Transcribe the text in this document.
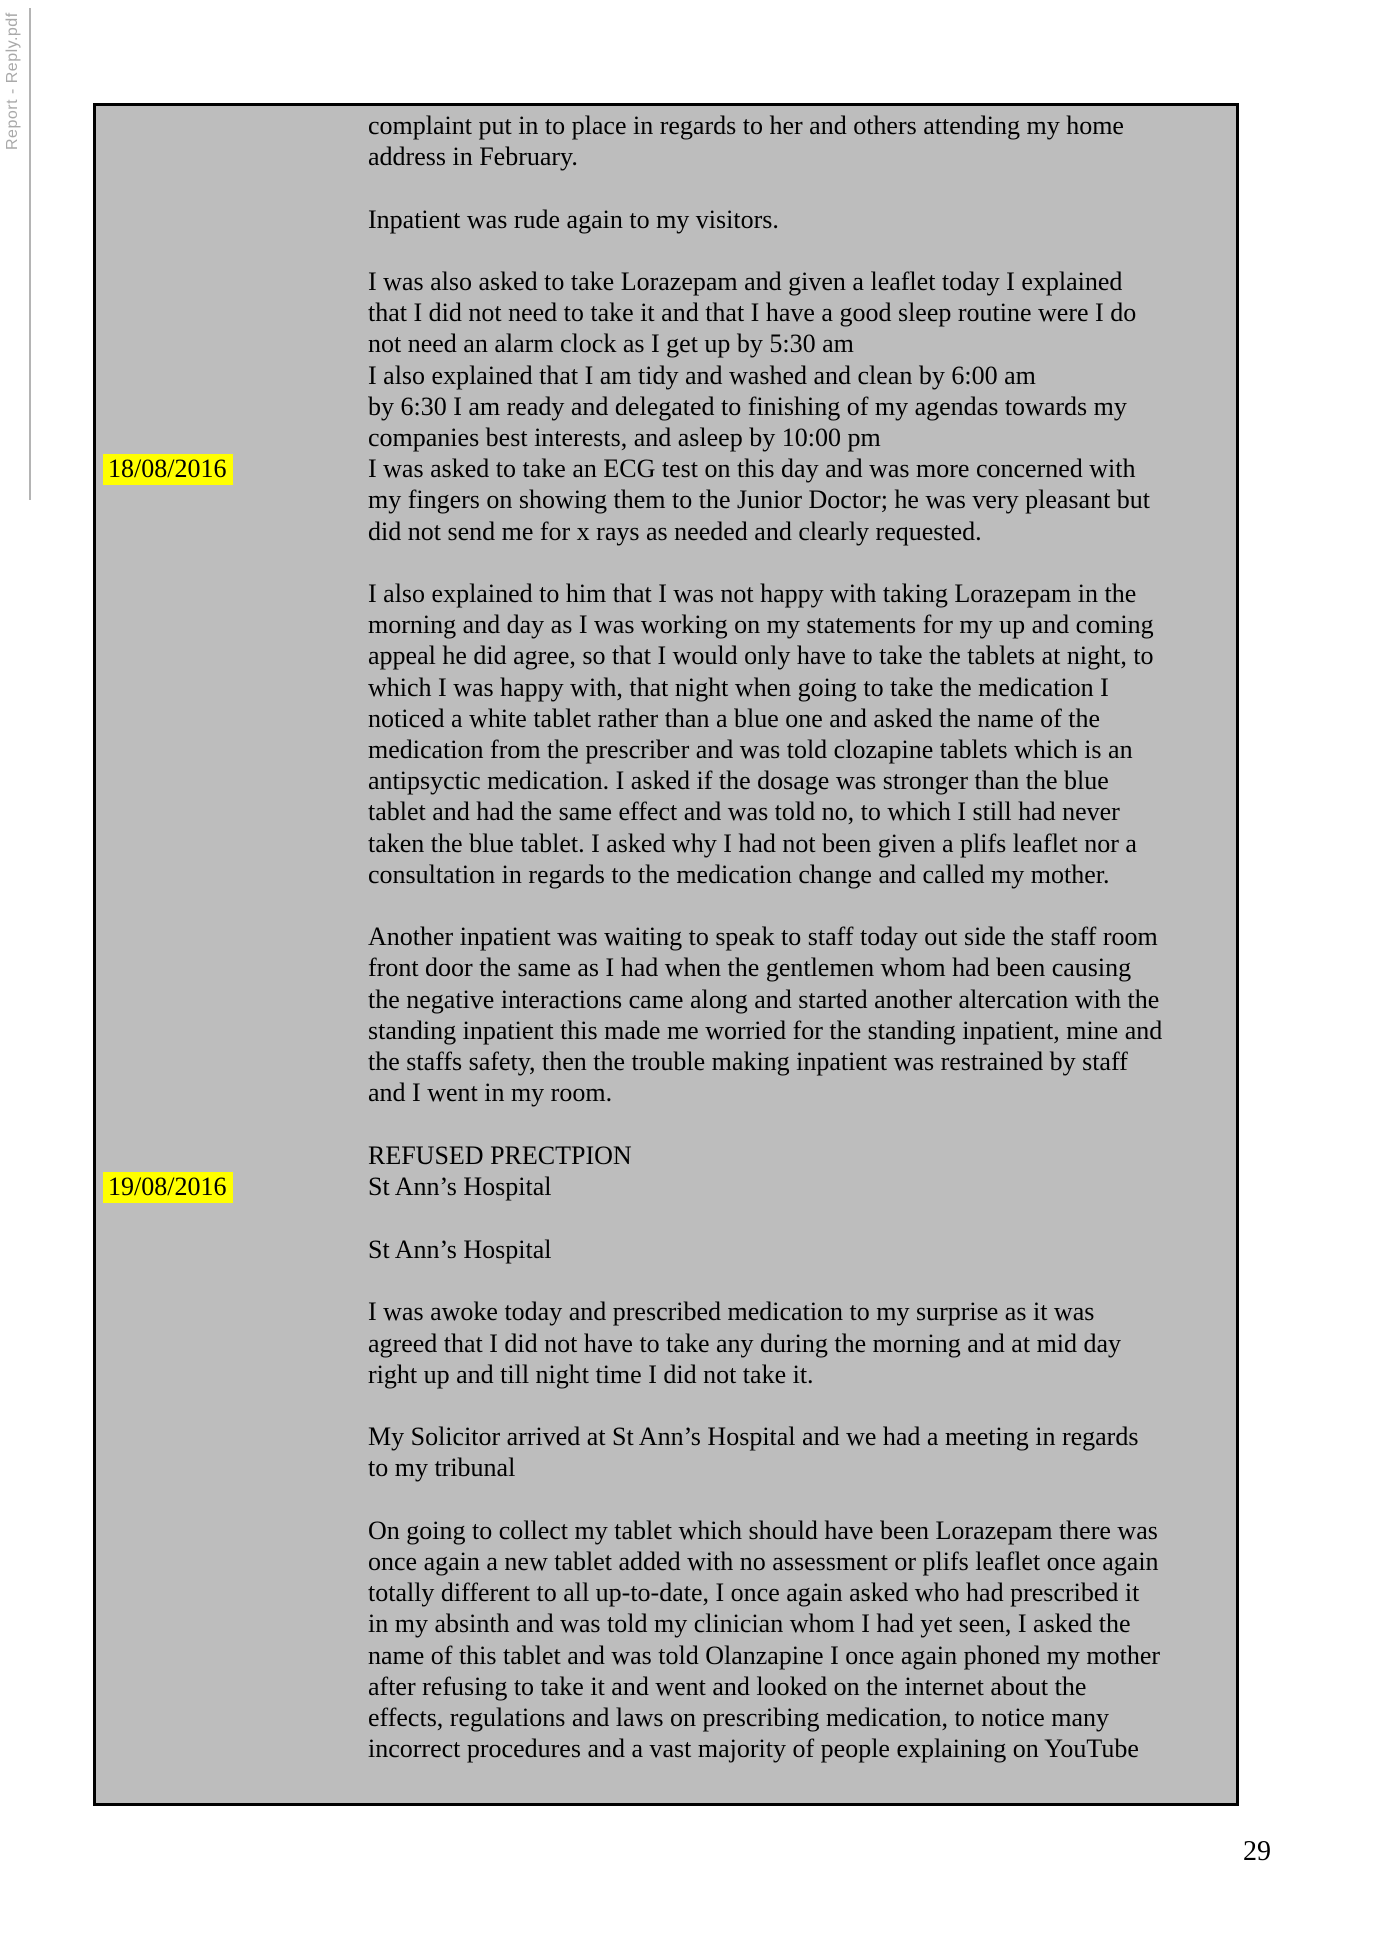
Report - Reply.pdf	complaint put in to place in regards to her and others attending my home
address in February.
Inpatient was rude again to my visitors.
I was also asked to take Lorazepam and given a leaflet today I explained
that I did not need to take it and that I have a good sleep routine were I do
not need an alarm clock as I get up by 5:30 am
I also explained that I am tidy and washed and clean by 6:00 am
by 6:30 I am ready and delegated to finishing of my agendas towards my
companies best interests, and asleep by 10:00 pm
18/08/2016	I was asked to take an ECG test on this day and was more concerned with
my fingers on showing them to the Junior Doctor; he was very pleasant but
did not send me for x rays as needed and clearly requested.
I also explained to him that I was not happy with taking Lorazepam in the
morning and day as I was working on my statements for my up and coming
appeal he did agree, so that I would only have to take the tablets at night, to
which I was happy with, that night when going to take the medication I
noticed a white tablet rather than a blue one and asked the name of the
medication from the prescriber and was told clozapine tablets which is an
antipsyctic medication. I asked if the dosage was stronger than the blue
tablet and had the same effect and was told no, to which I still had never
taken the blue tablet. I asked why I had not been given a plifs leaflet nor a
consultation in regards to the medication change and called my mother.
Another inpatient was waiting to speak to staff today out side the staff room
front door the same as I had when the gentlemen whom had been causing
the negative interactions came along and started another altercation with the
standing inpatient this made me worried for the standing inpatient, mine and
the staffs safety, then the trouble making inpatient was restrained by staff
and I went in my room.
REFUSED PRECTPION
19/08/2016	St Ann’s Hospital
St Ann’s Hospital
I was awoke today and prescribed medication to my surprise as it was
agreed that I did not have to take any during the morning and at mid day
right up and till night time I did not take it.
My Solicitor arrived at St Ann’s Hospital and we had a meeting in regards
to my tribunal
On going to collect my tablet which should have been Lorazepam there was
once again a new tablet added with no assessment or plifs leaflet once again
totally different to all up-to-date, I once again asked who had prescribed it
in my absinth and was told my clinician whom I had yet seen, I asked the
name of this tablet and was told Olanzapine I once again phoned my mother
after refusing to take it and went and looked on the internet about the
effects, regulations and laws on prescribing medication, to notice many
incorrect procedures and a vast majority of people explaining on YouTube
29
